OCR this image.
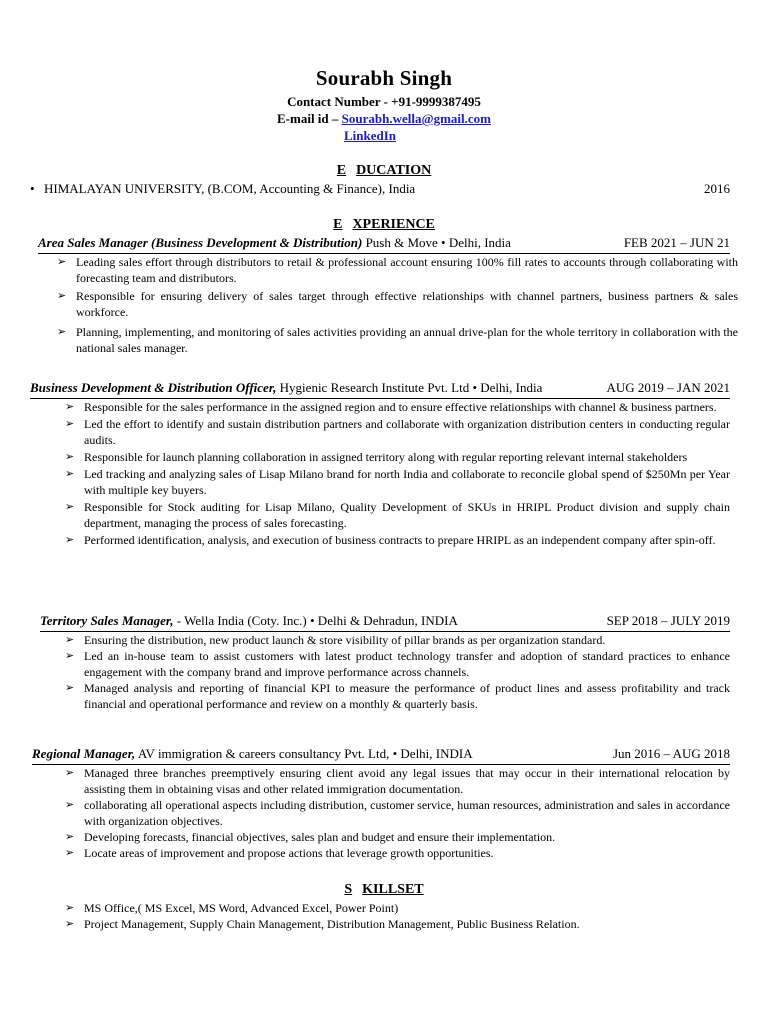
Sourabh Singh
Contact Number - +91-9999387495
E-mail id – Sourabh.wella@gmail.com
LinkedIn
E DUCATION
• HIMALAYAN UNIVERSITY, (B.COM, Accounting & Finance), India	2016
E XPERIENCE
Area Sales Manager (Business Development & Distribution) Push & Move • Delhi, India	FEB 2021 – JUN 21
➢ Leading sales effort through distributors to retail & professional account ensuring 100% fill rates to accounts through collaborating with forecasting team and distributors.
➢ Responsible for ensuring delivery of sales target through effective relationships with channel partners, business partners & sales workforce.
➢ Planning, implementing, and monitoring of sales activities providing an annual drive-plan for the whole territory in collaboration with the national sales manager.
Business Development & Distribution Officer, Hygienic Research Institute Pvt. Ltd • Delhi, India	AUG 2019 – JAN 2021
➢ Responsible for the sales performance in the assigned region and to ensure effective relationships with channel & business partners.
➢ Led the effort to identify and sustain distribution partners and collaborate with organization distribution centers in conducting regular audits.
➢ Responsible for launch planning collaboration in assigned territory along with regular reporting relevant internal stakeholders
➢ Led tracking and analyzing sales of Lisap Milano brand for north India and collaborate to reconcile global spend of $250Mn per Year with multiple key buyers.
➢ Responsible for Stock auditing for Lisap Milano, Quality Development of SKUs in HRIPL Product division and supply chain department, managing the process of sales forecasting.
➢ Performed identification, analysis, and execution of business contracts to prepare HRIPL as an independent company after spin-off.
Territory Sales Manager, - Wella India (Coty. Inc.) • Delhi & Dehradun, INDIA	SEP 2018 – JULY 2019
➢ Ensuring the distribution, new product launch & store visibility of pillar brands as per organization standard.
➢ Led an in-house team to assist customers with latest product technology transfer and adoption of standard practices to enhance engagement with the company brand and improve performance across channels.
➢ Managed analysis and reporting of financial KPI to measure the performance of product lines and assess profitability and track financial and operational performance and review on a monthly & quarterly basis.
Regional Manager, AV immigration & careers consultancy Pvt. Ltd, • Delhi, INDIA	Jun 2016 – AUG 2018
➢ Managed three branches preemptively ensuring client avoid any legal issues that may occur in their international relocation by assisting them in obtaining visas and other related immigration documentation.
➢ collaborating all operational aspects including distribution, customer service, human resources, administration and sales in accordance with organization objectives.
➢ Developing forecasts, financial objectives, sales plan and budget and ensure their implementation.
➢ Locate areas of improvement and propose actions that leverage growth opportunities.
S KILLSET
➢ MS Office,( MS Excel, MS Word, Advanced Excel, Power Point)
➢ Project Management, Supply Chain Management, Distribution Management, Public Business Relation.
